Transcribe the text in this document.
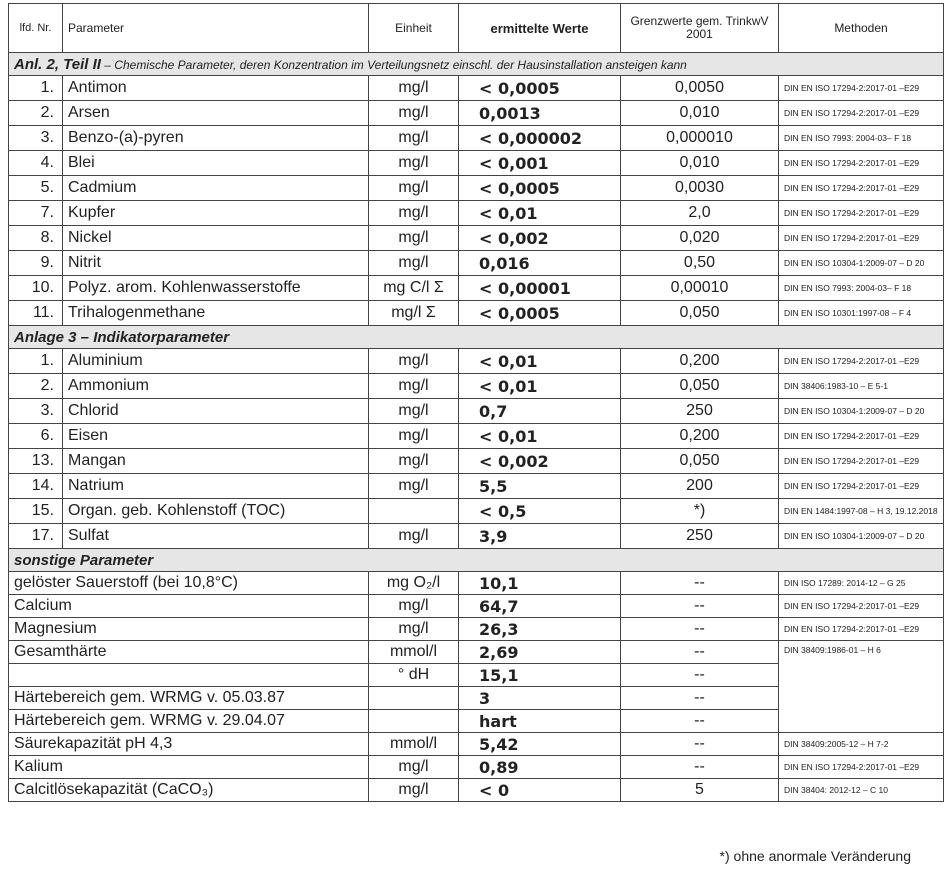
lfd. Nr.	Parameter	Einheit	ermittelte Werte	Grenzwerte gem. TrinkwV 2001	Methoden
Anl. 2, Teil II – Chemische Parameter, deren Konzentration im Verteilungsnetz einschl. der Hausinstallation ansteigen kann					
1.	Antimon	mg/l	< 0,0005	0,0050	DIN EN ISO 17294-2:2017-01 –E29
2.	Arsen	mg/l	0,0013	0,010	DIN EN ISO 17294-2:2017-01 –E29
3.	Benzo-(a)-pyren	mg/l	< 0,000002	0,000010	DIN EN ISO 7993: 2004-03– F 18
4.	Blei	mg/l	< 0,001	0,010	DIN EN ISO 17294-2:2017-01 –E29
5.	Cadmium	mg/l	< 0,0005	0,0030	DIN EN ISO 17294-2:2017-01 –E29
7.	Kupfer	mg/l	< 0,01	2,0	DIN EN ISO 17294-2:2017-01 –E29
8.	Nickel	mg/l	< 0,002	0,020	DIN EN ISO 17294-2:2017-01 –E29
9.	Nitrit	mg/l	0,016	0,50	DIN EN ISO 10304-1:2009-07 – D 20
10.	Polyz. arom. Kohlenwasserstoffe	mg C/l Σ	< 0,00001	0,00010	DIN EN ISO 7993: 2004-03– F 18
11.	Trihalogenmethane	mg/l Σ	< 0,0005	0,050	DIN EN ISO 10301:1997-08 – F 4
Anlage 3 – Indikatorparameter					
1.	Aluminium	mg/l	< 0,01	0,200	DIN EN ISO 17294-2:2017-01 –E29
2.	Ammonium	mg/l	< 0,01	0,050	DIN 38406:1983-10 – E 5-1
3.	Chlorid	mg/l	0,7	250	DIN EN ISO 10304-1:2009-07 – D 20
6.	Eisen	mg/l	< 0,01	0,200	DIN EN ISO 17294-2:2017-01 –E29
13.	Mangan	mg/l	< 0,002	0,050	DIN EN ISO 17294-2:2017-01 –E29
14.	Natrium	mg/l	5,5	200	DIN EN ISO 17294-2:2017-01 –E29
15.	Organ. geb. Kohlenstoff (TOC)		< 0,5	*)	DIN EN 1484:1997-08 – H 3, 19.12.2018
17.	Sulfat	mg/l	3,9	250	DIN EN ISO 10304-1:2009-07 – D 20
sonstige Parameter					
gelöster Sauerstoff (bei 10,8°C)		mg O₂/l	10,1	--	DIN ISO 17289: 2014-12 – G 25
Calcium		mg/l	64,7	--	DIN EN ISO 17294-2:2017-01 –E29
Magnesium		mg/l	26,3	--	DIN EN ISO 17294-2:2017-01 –E29
Gesamthärte		mmol/l	2,69	--	DIN 38409:1986-01 – H 6
		° dH	15,1	--	
Härtebereich gem. WRMG v. 05.03.87			3	--	
Härtebereich gem. WRMG v. 29.04.07			hart	--	
Säurekapazität pH 4,3		mmol/l	5,42	--	DIN 38409:2005-12 – H 7-2
Kalium		mg/l	0,89	--	DIN EN ISO 17294-2:2017-01 –E29
Calcitlösekapazität (CaCO₃)		mg/l	< 0	5	DIN 38404: 2012-12 – C 10
*) ohne anormale Veränderung
